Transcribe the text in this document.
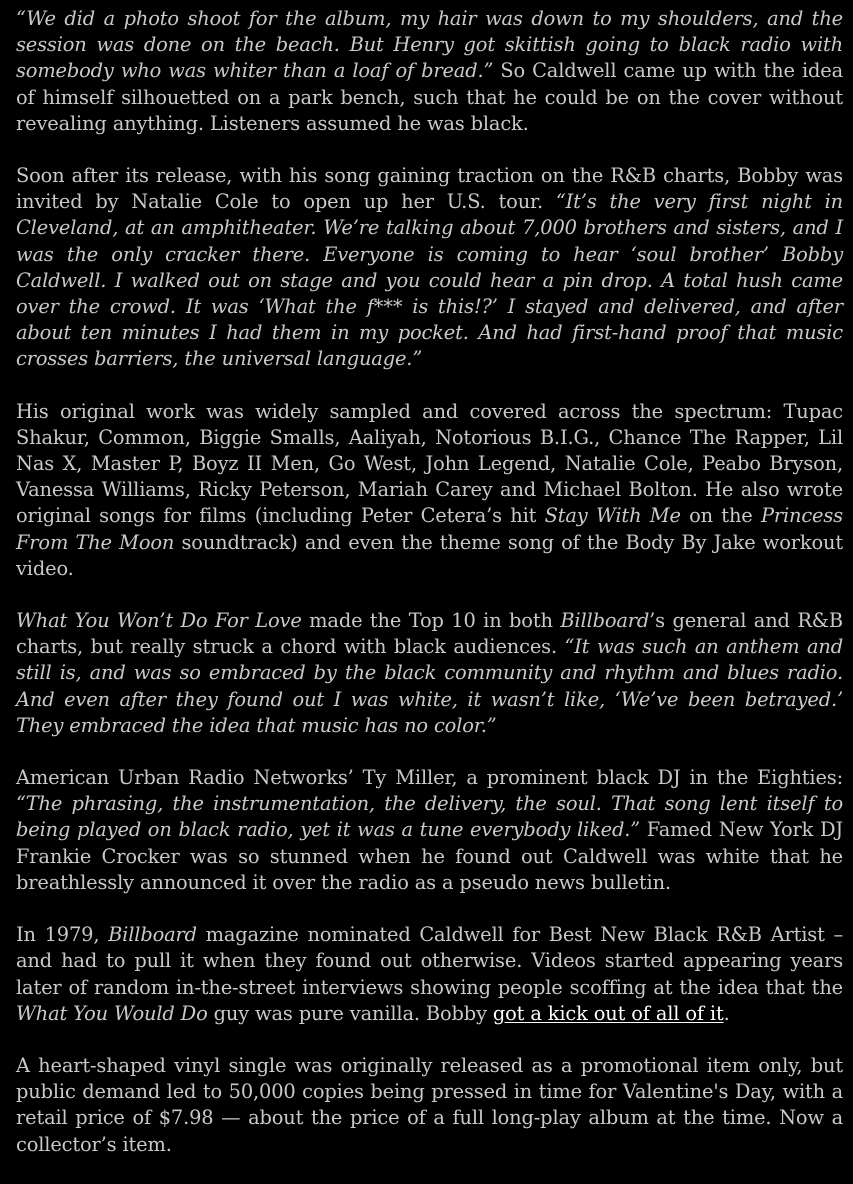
“We did a photo shoot for the album, my hair was down to my shoulders, and the session was done on the beach. But Henry got skittish going to black radio with somebody who was whiter than a loaf of bread.” So Caldwell came up with the idea of himself silhouetted on a park bench, such that he could be on the cover without revealing anything. Listeners assumed he was black.

Soon after its release, with his song gaining traction on the R&B charts, Bobby was invited by Natalie Cole to open up her U.S. tour. “It’s the very first night in Cleveland, at an amphitheater. We’re talking about 7,000 brothers and sisters, and I was the only cracker there. Everyone is coming to hear ‘soul brother’ Bobby Caldwell. I walked out on stage and you could hear a pin drop. A total hush came over the crowd. It was ‘What the f*** is this!?’ I stayed and delivered, and after about ten minutes I had them in my pocket. And had first-hand proof that music crosses barriers, the universal language.”

His original work was widely sampled and covered across the spectrum: Tupac Shakur, Common, Biggie Smalls, Aaliyah, Notorious B.I.G., Chance The Rapper, Lil Nas X, Master P, Boyz II Men, Go West, John Legend, Natalie Cole, Peabo Bryson, Vanessa Williams, Ricky Peterson, Mariah Carey and Michael Bolton. He also wrote original songs for films (including Peter Cetera’s hit Stay With Me on the Princess From The Moon soundtrack) and even the theme song of the Body By Jake workout video.

What You Won’t Do For Love made the Top 10 in both Billboard’s general and R&B charts, but really struck a chord with black audiences. “It was such an anthem and still is, and was so embraced by the black community and rhythm and blues radio. And even after they found out I was white, it wasn’t like, ‘We’ve been betrayed.’ They embraced the idea that music has no color.”

American Urban Radio Networks’ Ty Miller, a prominent black DJ in the Eighties: “The phrasing, the instrumentation, the delivery, the soul. That song lent itself to being played on black radio, yet it was a tune everybody liked.” Famed New York DJ Frankie Crocker was so stunned when he found out Caldwell was white that he breathlessly announced it over the radio as a pseudo news bulletin.

In 1979, Billboard magazine nominated Caldwell for Best New Black R&B Artist – and had to pull it when they found out otherwise. Videos started appearing years later of random in-the-street interviews showing people scoffing at the idea that the What You Would Do guy was pure vanilla. Bobby got a kick out of all of it.

A heart-shaped vinyl single was originally released as a promotional item only, but public demand led to 50,000 copies being pressed in time for Valentine's Day, with a retail price of $7.98 — about the price of a full long-play album at the time. Now a collector’s item.
